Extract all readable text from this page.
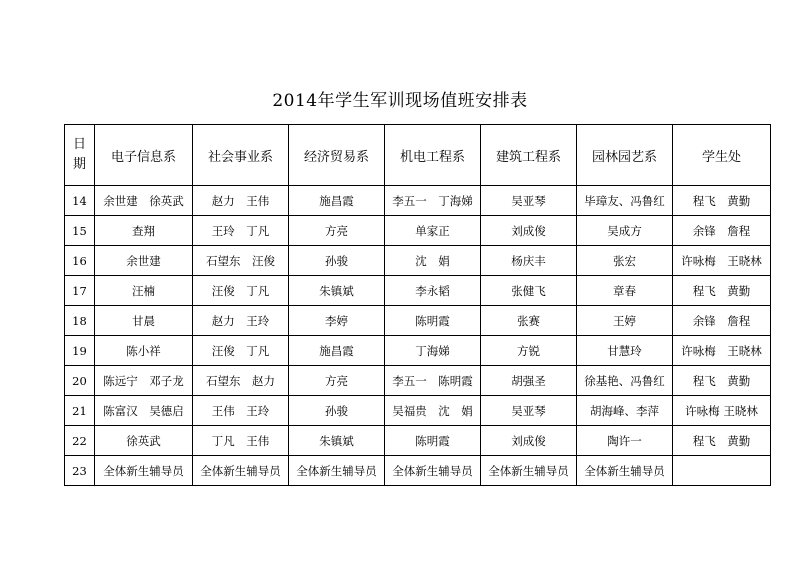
2014年学生军训现场值班安排表
日
期	电子信息系	社会事业系	经济贸易系	机电工程系	建筑工程系	园林园艺系	学生处
14	余世建　徐英武	赵力　王伟	施昌霞	李五一　丁海娣	吴亚琴	毕璋友、冯鲁红	程飞　黄勤
15	查翔	王玲　丁凡	方亮	单家正	刘成俊	吴成方	余锋　詹程
16	余世建	石望东　汪俊	孙骏	沈　娟	杨庆丰	张宏	许咏梅　王晓林
17	汪楠	汪俊　丁凡	朱镇斌	李永韬	张健飞	章春	程飞　黄勤
18	甘晨	赵力　王玲	李婷	陈明霞	张赛	王婷	余锋　詹程
19	陈小祥	汪俊　丁凡	施昌霞	丁海娣	方锐	甘慧玲	许咏梅　王晓林
20	陈远宁　邓子龙	石望东　赵力	方亮	李五一　陈明霞	胡强圣	徐基艳、冯鲁红	程飞　黄勤
21	陈富汉　吴德启	王伟　王玲	孙骏	吴福贵　沈　娟	吴亚琴	胡海峰、李萍	许咏梅 王晓林
22	徐英武	丁凡　王伟	朱镇斌	陈明霞	刘成俊	陶许一	程飞　黄勤
23	全体新生辅导员	全体新生辅导员	全体新生辅导员	全体新生辅导员	全体新生辅导员	全体新生辅导员	
